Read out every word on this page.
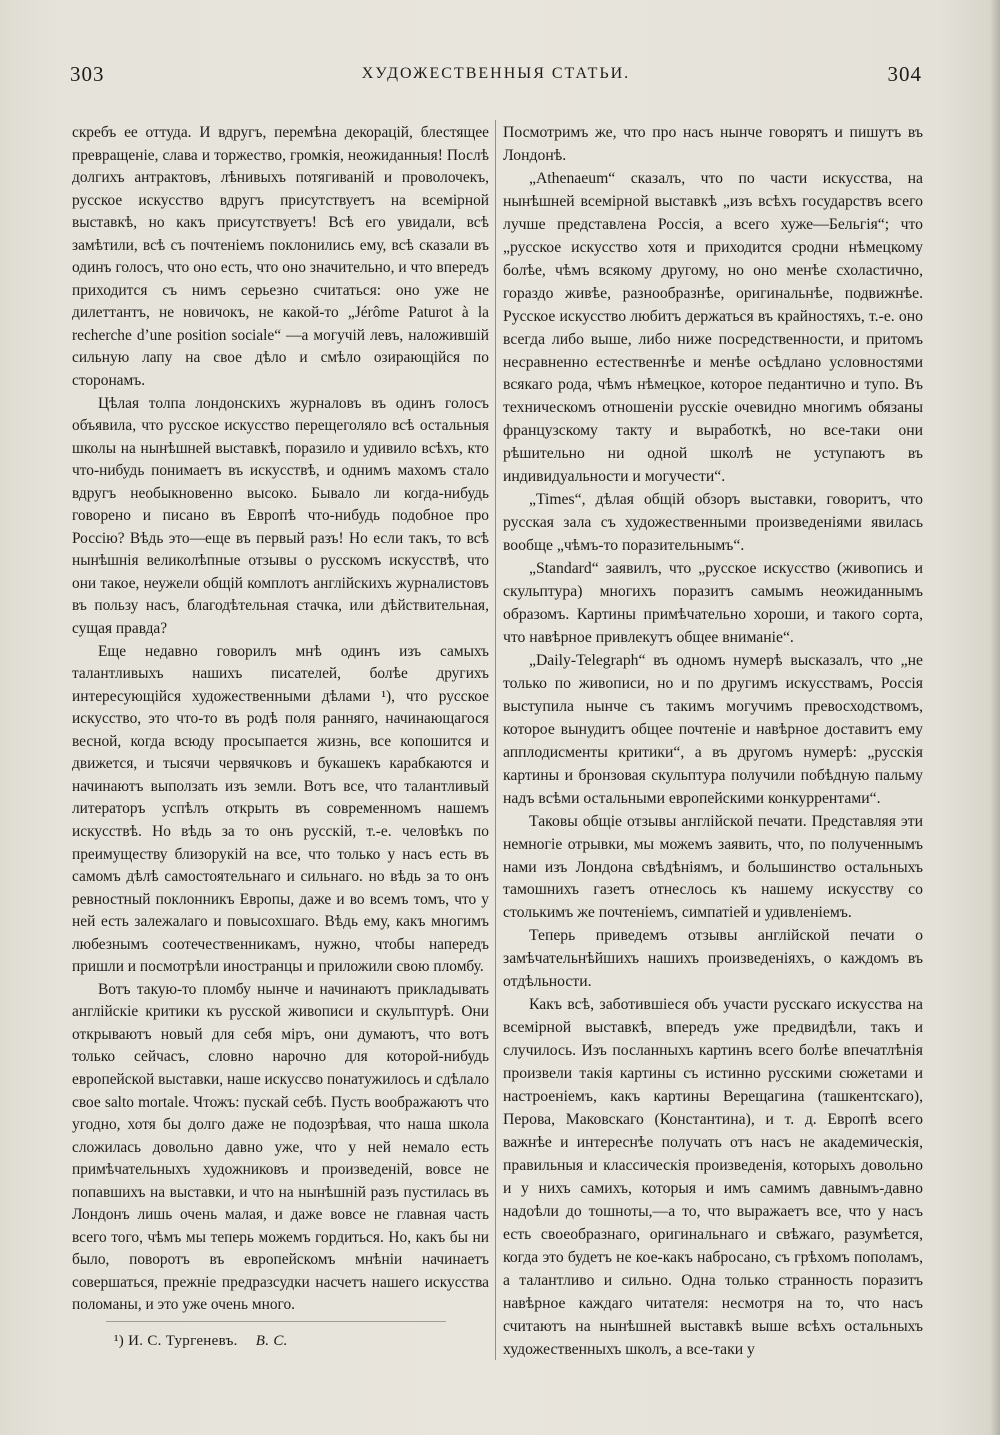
303	ХУДОЖЕСТВЕННЫЯ СТАТЬИ.	304

скребъ ее оттуда. И вдругъ, перемѣна декорацій, блестящее превращеніе, слава и торжество, громкія, неожиданныя! Послѣ долгихъ антрактовъ, лѣнивыхъ потягиваній и проволочекъ, русское искусство вдругъ присутствуетъ на всемірной выставкѣ, но какъ присутствуетъ! Всѣ его увидали, всѣ замѣтили, всѣ съ почтеніемъ поклонились ему, всѣ сказали въ одинъ голосъ, что оно есть, что оно значительно, и что впередъ приходится съ нимъ серьезно считаться: оно уже не дилеттантъ, не новичокъ, не какой-то „Jérôme Paturot à la recherche d’une position sociale“ —а могучій левъ, наложившій сильную лапу на свое дѣло и смѣло озирающійся по сторонамъ.

Цѣлая толпа лондонскихъ журналовъ въ одинъ голосъ объявила, что русское искусство перещеголяло всѣ остальныя школы на нынѣшней выставкѣ, поразило и удивило всѣхъ, кто что-нибудь понимаетъ въ искусствѣ, и однимъ махомъ стало вдругъ необыкновенно высоко. Бывало ли когда-нибудь говорено и писано въ Европѣ что-нибудь подобное про Россію? Вѣдь это—еще въ первый разъ! Но если такъ, то всѣ нынѣшнія великолѣпные отзывы о русскомъ искусствѣ, что они такое, неужели общій комплотъ англійскихъ журналистовъ въ пользу насъ, благодѣтельная стачка, или дѣйствительная, сущая правда?

Еще недавно говорилъ мнѣ одинъ изъ самыхъ талантливыхъ нашихъ писателей, болѣе другихъ интересующійся художественными дѣлами ¹), что русское искусство, это что-то въ родѣ поля ранняго, начинающагося весной, когда всюду просыпается жизнь, все копошится и движется, и тысячи червячковъ и букашекъ карабкаются и начинаютъ выползать изъ земли. Вотъ все, что талантливый литераторъ успѣлъ открыть въ современномъ нашемъ искусствѣ. Но вѣдь за то онъ русскій, т.-е. человѣкъ по преимуществу близорукій на все, что только у насъ есть въ самомъ дѣлѣ самостоятельнаго и сильнаго. но вѣдь за то онъ ревностный поклонникъ Европы, даже и во всемъ томъ, что у ней есть залежалаго и повысохшаго. Вѣдь ему, какъ многимъ любезнымъ соотечественникамъ, нужно, чтобы напередъ пришли и посмотрѣли иностранцы и приложили свою пломбу.

Вотъ такую-то пломбу нынче и начинаютъ прикладывать англійскіе критики къ русской живописи и скульптурѣ. Они открываютъ новый для себя міръ, они думаютъ, что вотъ только сейчасъ, словно нарочно для которой-нибудь европейской выставки, наше искуссво понатужилось и сдѣлало свое salto mortale. Чтожъ: пускай себѣ. Пусть воображаютъ что угодно, хотя бы долго даже не подозрѣвая, что наша школа сложилась довольно давно уже, что у ней немало есть примѣчательныхъ художниковъ и произведеній, вовсе не попавшихъ на выставки, и что на нынѣшній разъ пустилась въ Лондонъ лишь очень малая, и даже вовсе не главная часть всего того, чѣмъ мы теперь можемъ гордиться. Но, какъ бы ни было, поворотъ въ европейскомъ мнѣніи начинаетъ совершаться, прежніе предразсудки насчетъ нашего искусства поломаны, и это уже очень много.

Посмотримъ же, что про насъ нынче говорятъ и пишутъ въ Лондонѣ.

„Athenaeum“ сказалъ, что по части искусства, на нынѣшней всемірной выставкѣ „изъ всѣхъ государствъ всего лучше представлена Россія, а всего хуже—Бельгія“; что „русское искусство хотя и приходится сродни нѣмецкому болѣе, чѣмъ всякому другому, но оно менѣе схоластично, гораздо живѣе, разнообразнѣе, оригинальнѣе, подвижнѣе. Русское искусство любитъ держаться въ крайностяхъ, т.-е. оно всегда либо выше, либо ниже посредственности, и притомъ несравненно естественнѣе и менѣе осѣдлано условностями всякаго рода, чѣмъ нѣмецкое, которое педантично и тупо. Въ техническомъ отношеніи русскіе очевидно многимъ обязаны французскому такту и выработкѣ, но все-таки они рѣшительно ни одной школѣ не уступаютъ въ индивидуальности и могучести“.

„Times“, дѣлая общій обзоръ выставки, говоритъ, что русская зала съ художественными произведеніями явилась вообще „чѣмъ-то поразительнымъ“.

„Standard“ заявилъ, что „русское искусство (живопись и скульптура) многихъ поразитъ самымъ неожиданнымъ образомъ. Картины примѣчательно хороши, и такого сорта, что навѣрное привлекутъ общее вниманіе“.

„Daily-Telegraph“ въ одномъ нумерѣ высказалъ, что „не только по живописи, но и по другимъ искусствамъ, Россія выступила нынче съ такимъ могучимъ превосходствомъ, которое вынудитъ общее почтеніе и навѣрное доставитъ ему апплодисменты критики“, а въ другомъ нумерѣ: „русскія картины и бронзовая скульптура получили побѣдную пальму надъ всѣми остальными европейскими конкуррентами“.

Таковы общіе отзывы англійской печати. Представляя эти немногіе отрывки, мы можемъ заявить, что, по полученнымъ нами изъ Лондона свѣдѣніямъ, и большинство остальныхъ тамошнихъ газетъ отнеслось къ нашему искусству со столькимъ же почтеніемъ, симпатіей и удивленіемъ.

Теперь приведемъ отзывы англійской печати о замѣчательнѣйшихъ нашихъ произведеніяхъ, о каждомъ въ отдѣльности.

Какъ всѣ, заботившіеся объ участи русскаго искусства на всемірной выставкѣ, впередъ уже предвидѣли, такъ и случилось. Изъ посланныхъ картинъ всего болѣе впечатлѣнія произвели такія картины съ истинно русскими сюжетами и настроеніемъ, какъ картины Верещагина (ташкентскаго), Перова, Маковскаго (Константина), и т. д. Европѣ всего важнѣе и интереснѣе получать отъ насъ не академическія, правильныя и классическія произведенія, которыхъ довольно и у нихъ самихъ, которыя и имъ самимъ давнымъ-давно надоѣли до тошноты,—а то, что выражаетъ все, что у насъ есть своеобразнаго, оригинальнаго и свѣжаго, разумѣется, когда это будетъ не кое-какъ набросано, съ грѣхомъ пополамъ, а талантливо и сильно. Одна только странность поразитъ навѣрное каждаго читателя: несмотря на то, что насъ считаютъ на нынѣшней выставкѣ выше всѣхъ остальныхъ художественныхъ школъ, а все-таки у

¹) И. С. Тургеневъ. В. С.
